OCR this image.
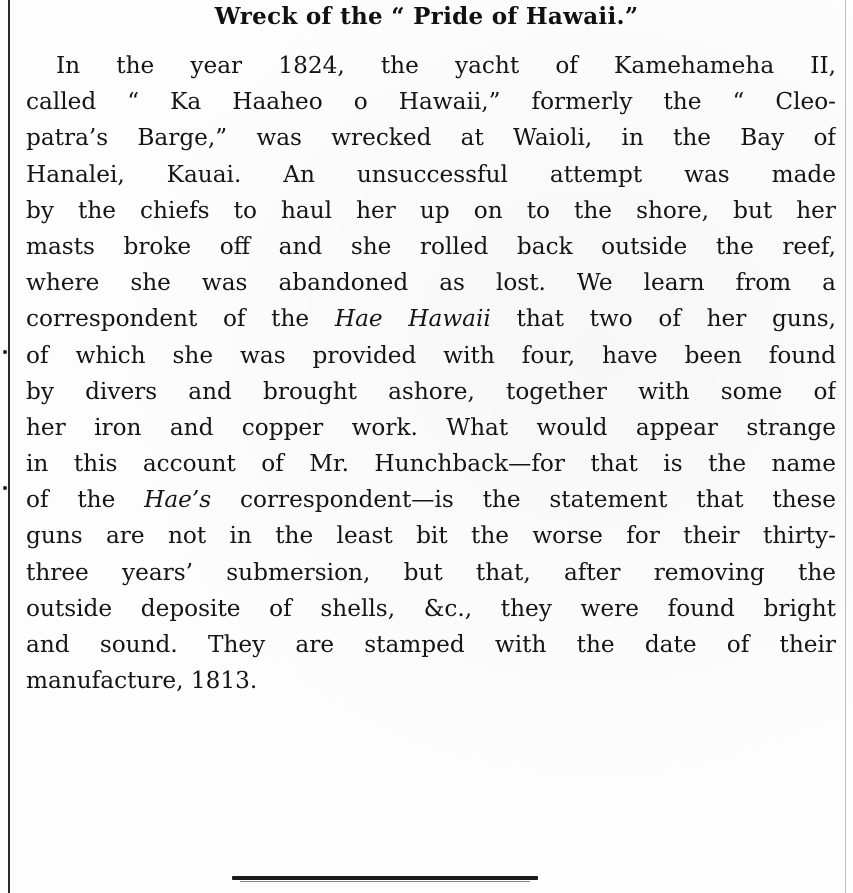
Wreck of the “ Pride of Hawaii.”
In the year 1824, the yacht of Kamehameha II,
called “ Ka Haaheo o Hawaii,” formerly the “ Cleo-
patra’s Barge,” was wrecked at Waioli, in the Bay of
Hanalei, Kauai. An unsuccessful attempt was made
by the chiefs to haul her up on to the shore, but her
masts broke off and she rolled back outside the reef,
where she was abandoned as lost. We learn from a
correspondent of the Hae Hawaii that two of her guns,
of which she was provided with four, have been found
by divers and brought ashore, together with some of
her iron and copper work. What would appear strange
in this account of Mr. Hunchback—for that is the name
of the Hae’s correspondent—is the statement that these
guns are not in the least bit the worse for their thirty-
three years’ submersion, but that, after removing the
outside deposite of shells, &c., they were found bright
and sound. They are stamped with the date of their
manufacture, 1813.
